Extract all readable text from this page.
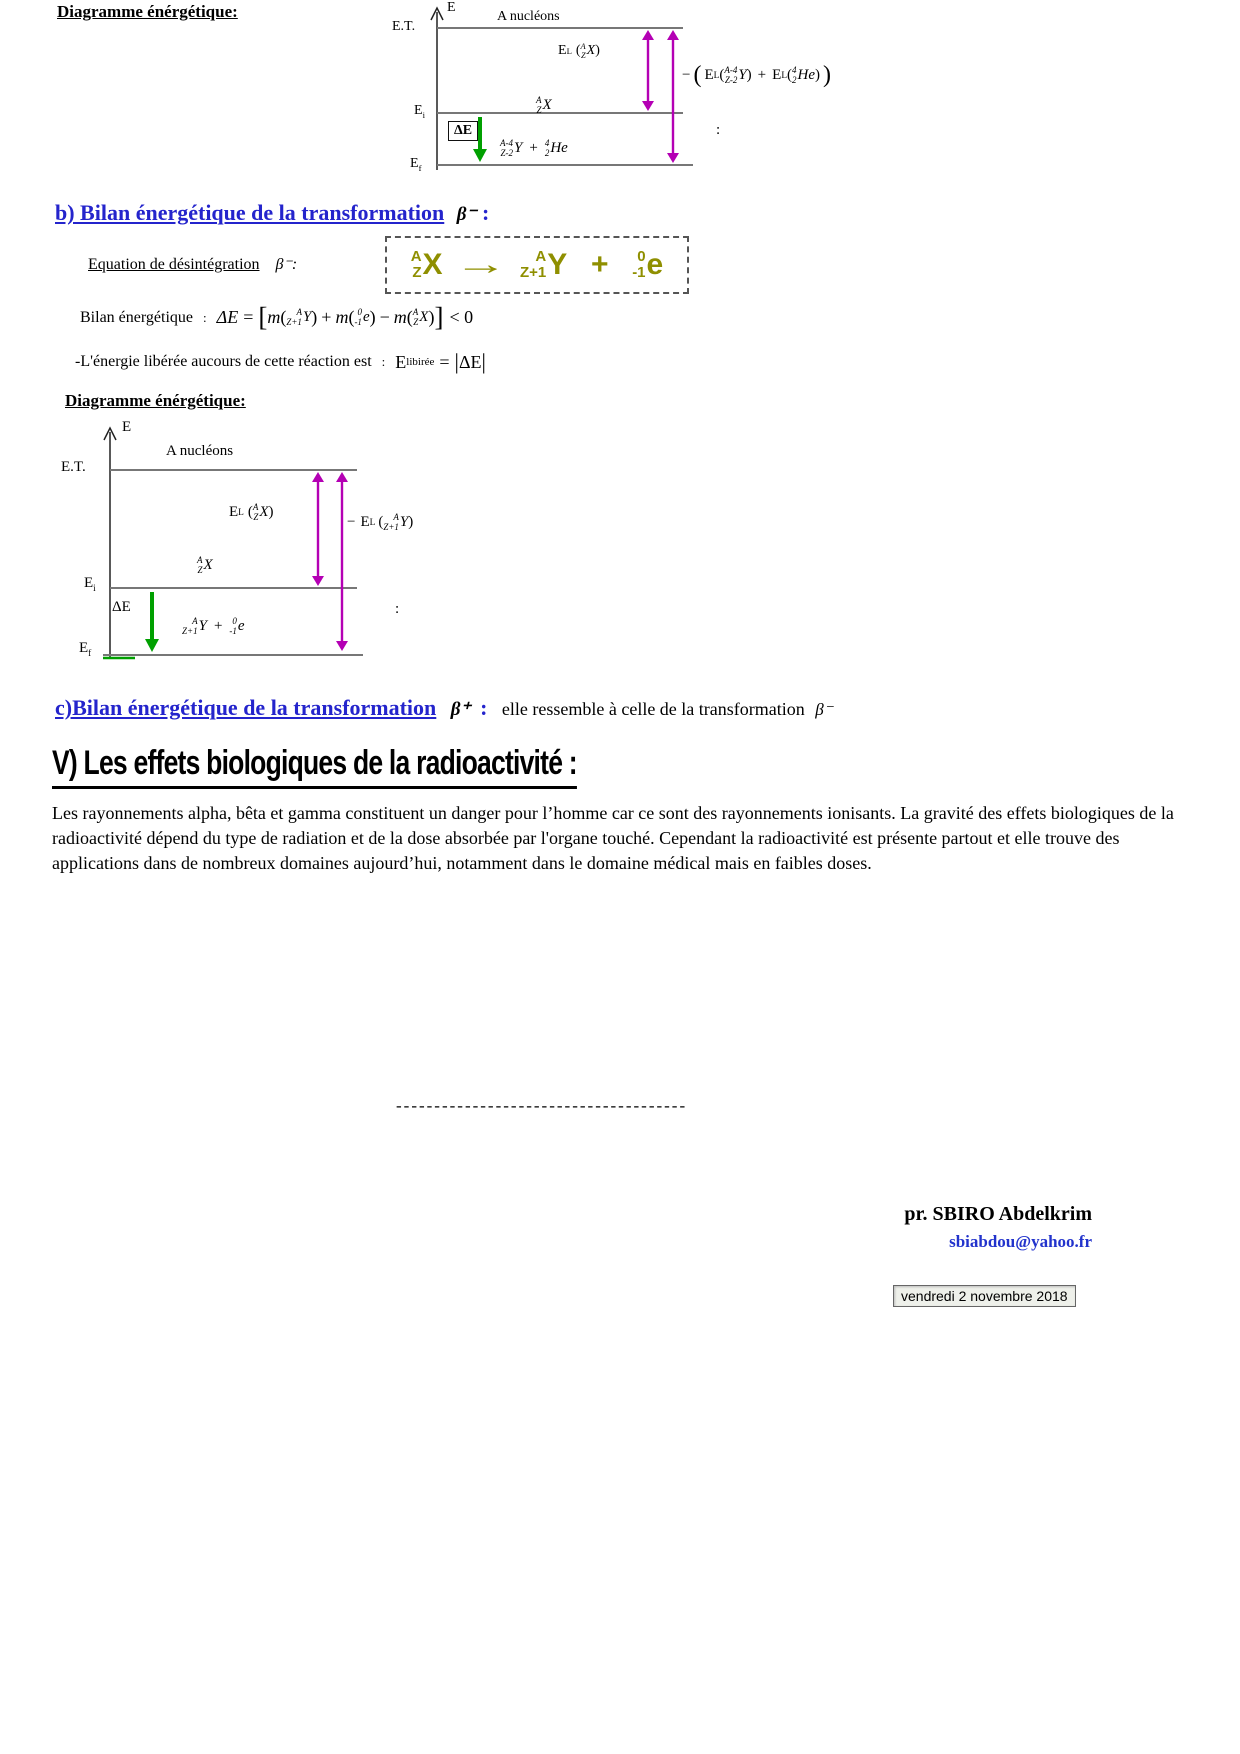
Diagramme énérgétique:	E
E.T.
A nucléons
E L ( A
Z X )
A
Z X
$E_i$
ΔE
A-4
Z-2 Y + 4
2 He
$E_f$
− ( E L ( A-4
Z-2 Y ) + E L ( 4
2 He ) )
:
b) Bilan énergétique de la transformation β⁻ :
Equation de désintégration β⁻:	A
Z X → A
Z+1 Y + 0
-1 e
Bilan énergétique : ΔE = [ m ( A
Z+1 Y ) + m ( 0
-1 e ) − m ( A
Z X ) ] < 0
-L'énergie libérée aucours de cette réaction est : E libirée = | ΔE |
Diagramme énérgétique:
E
A nucléons
E.T.
E L ( A
Z X )
− E L ( A
Z+1 Y )
A
Z X
$E_i$
ΔE
A
Z+1 Y + 0
-1 e
$E_f$
:
c)Bilan énergétique de la transformation β⁺ : elle ressemble à celle de la transformation β⁻
V) Les effets biologiques de la radioactivité :
Les rayonnements alpha, bêta et gamma constituent un danger pour l’homme car ce sont des rayonnements ionisants. La gravité des effets biologiques de la radioactivité dépend du type de radiation et de la dose absorbée par l'organe touché. Cependant la radioactivité est présente partout et elle trouve des applications dans de nombreux domaines aujourd’hui, notamment dans le domaine médical mais en faibles doses.
--------------------------------------
pr. SBIRO Abdelkrim
sbiabdou@yahoo.fr
vendredi 2 novembre 2018
